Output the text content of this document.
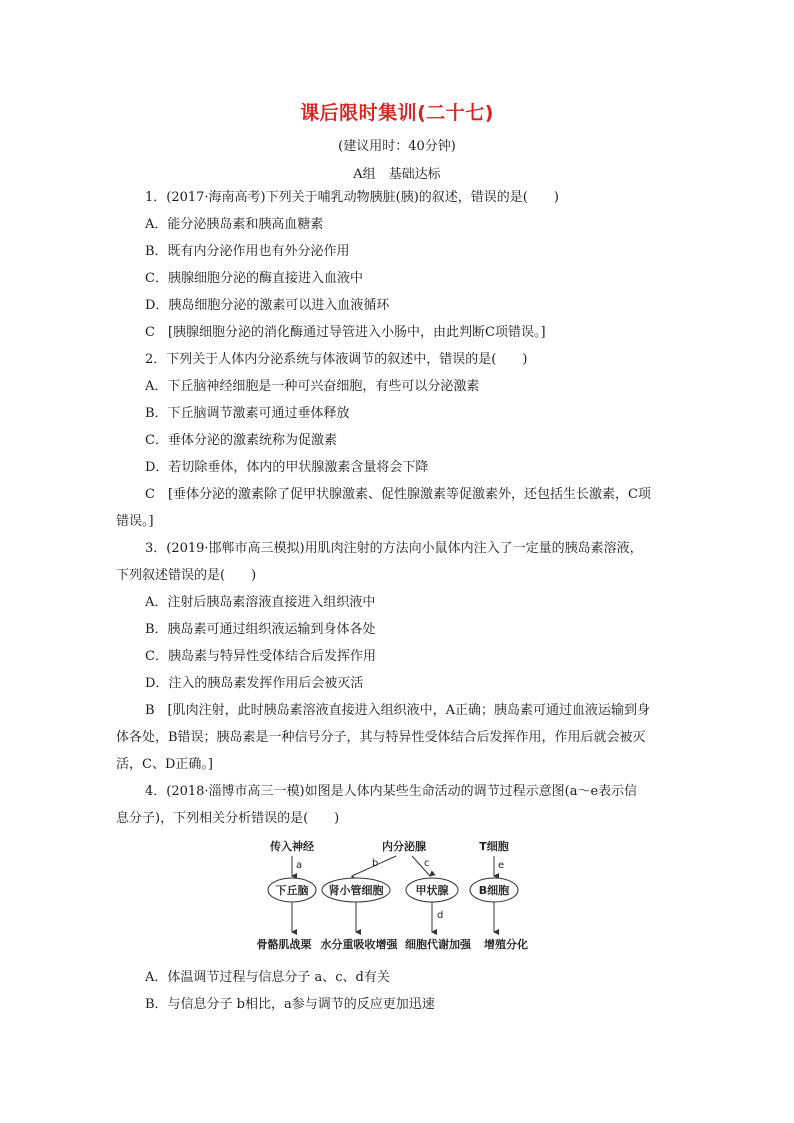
课后限时集训(二十七)
(建议用时：40分钟)
A组　基础达标

1．(2017·海南高考)下列关于哺乳动物胰脏(胰)的叙述，错误的是(　　)

A．能分泌胰岛素和胰高血糖素

B．既有内分泌作用也有外分泌作用

C．胰腺细胞分泌的酶直接进入血液中

D．胰岛细胞分泌的激素可以进入血液循环

C　[胰腺细胞分泌的消化酶通过导管进入小肠中，由此判断C项错误。]

2．下列关于人体内分泌系统与体液调节的叙述中，错误的是(　　)

A．下丘脑神经细胞是一种可兴奋细胞，有些可以分泌激素

B．下丘脑调节激素可通过垂体释放

C．垂体分泌的激素统称为促激素

D．若切除垂体，体内的甲状腺激素含量将会下降

C　[垂体分泌的激素除了促甲状腺激素、促性腺激素等促激素外，还包括生长激素，C项

错误。]

3．(2019·邯郸市高三模拟)用肌肉注射的方法向小鼠体内注入了一定量的胰岛素溶液，

下列叙述错误的是(　　)

A．注射后胰岛素溶液直接进入组织液中

B．胰岛素可通过组织液运输到身体各处

C．胰岛素与特异性受体结合后发挥作用

D．注入的胰岛素发挥作用后会被灭活

B　[肌肉注射，此时胰岛素溶液直接进入组织液中，A正确；胰岛素可通过血液运输到身

体各处，B错误；胰岛素是一种信号分子，其与特异性受体结合后发挥作用，作用后就会被灭

活，C、D正确。]

4．(2018·淄博市高三一模)如图是人体内某些生命活动的调节过程示意图(a～e表示信

息分子)，下列相关分析错误的是(　　)

传入神经	内分泌腺	T细胞
a	b	c	e
下丘脑 肾小管细胞	甲状腺	B细胞
d
骨骼肌战栗 水分重吸收增强 细胞代谢加强 增殖分化

A．体温调节过程与信息分子 a、c、d有关

B．与信息分子 b相比，a参与调节的反应更加迅速
